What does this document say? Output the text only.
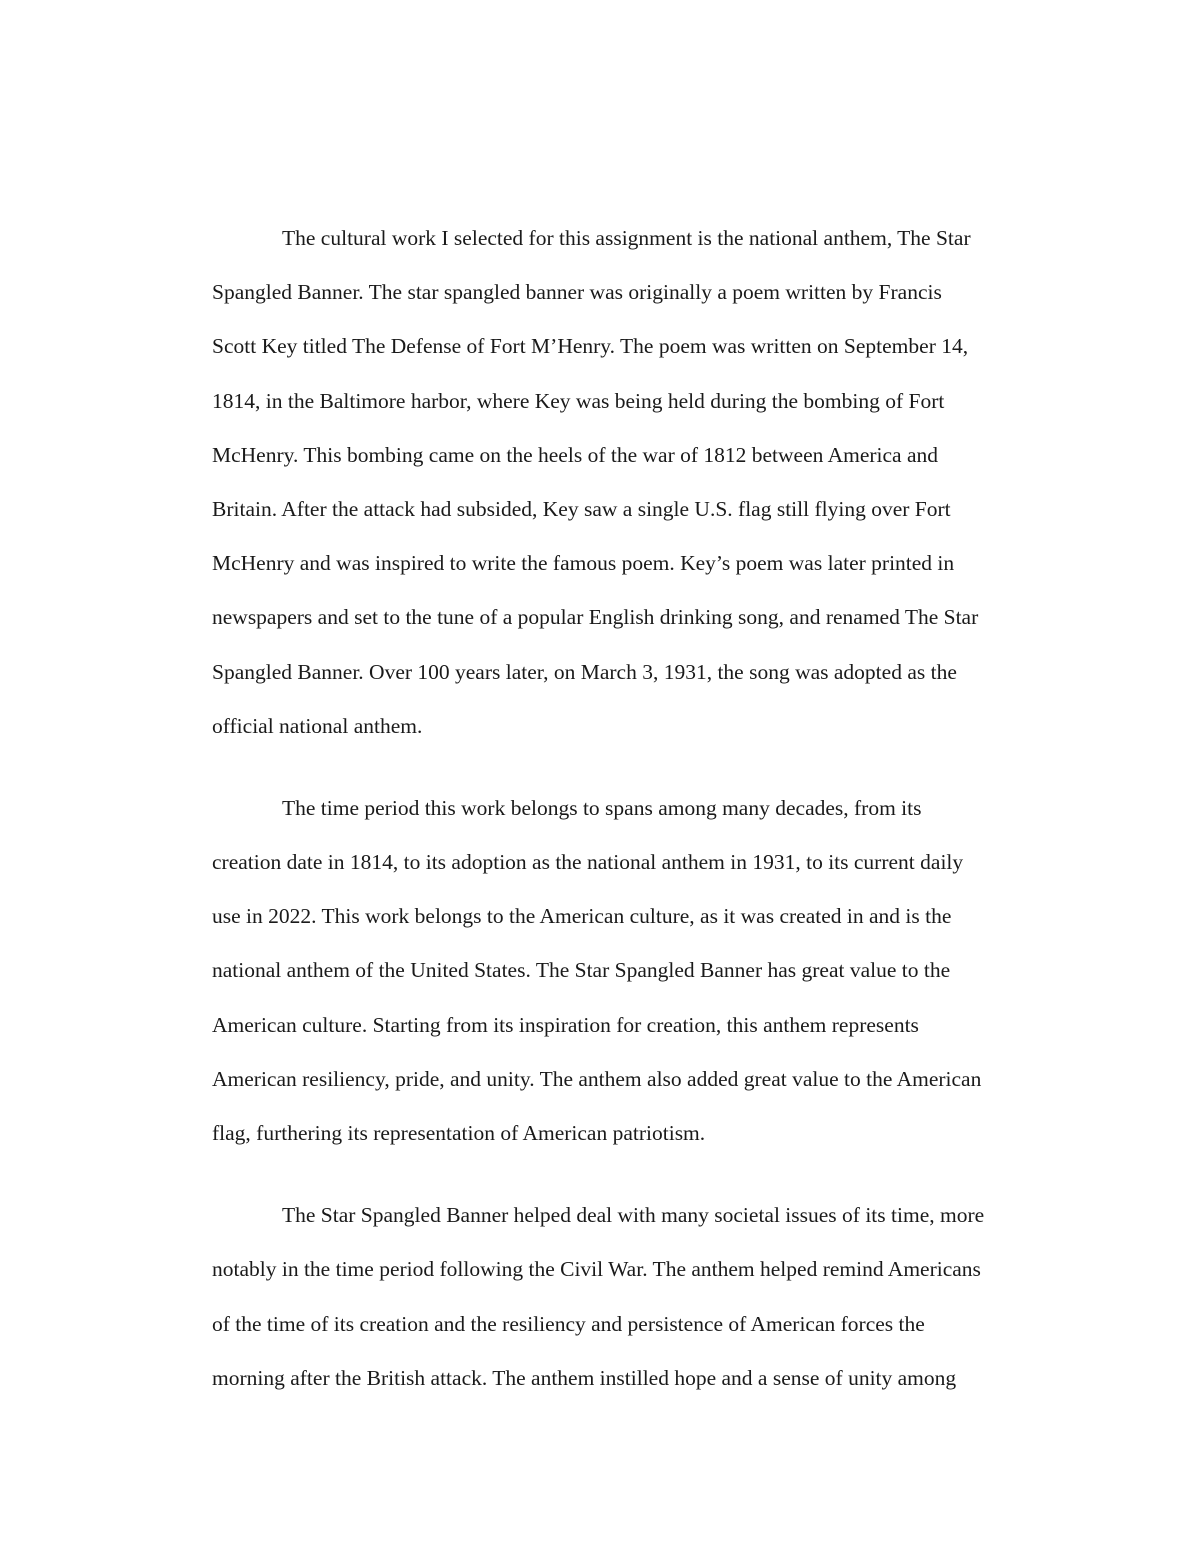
The cultural work I selected for this assignment is the national anthem, The Star
Spangled Banner. The star spangled banner was originally a poem written by Francis
Scott Key titled The Defense of Fort M’Henry. The poem was written on September 14,
1814, in the Baltimore harbor, where Key was being held during the bombing of Fort
McHenry. This bombing came on the heels of the war of 1812 between America and
Britain. After the attack had subsided, Key saw a single U.S. flag still flying over Fort
McHenry and was inspired to write the famous poem. Key’s poem was later printed in
newspapers and set to the tune of a popular English drinking song, and renamed The Star
Spangled Banner. Over 100 years later, on March 3, 1931, the song was adopted as the
official national anthem.
The time period this work belongs to spans among many decades, from its
creation date in 1814, to its adoption as the national anthem in 1931, to its current daily
use in 2022. This work belongs to the American culture, as it was created in and is the
national anthem of the United States. The Star Spangled Banner has great value to the
American culture. Starting from its inspiration for creation, this anthem represents
American resiliency, pride, and unity. The anthem also added great value to the American
flag, furthering its representation of American patriotism.
The Star Spangled Banner helped deal with many societal issues of its time, more
notably in the time period following the Civil War. The anthem helped remind Americans
of the time of its creation and the resiliency and persistence of American forces the
morning after the British attack. The anthem instilled hope and a sense of unity among
